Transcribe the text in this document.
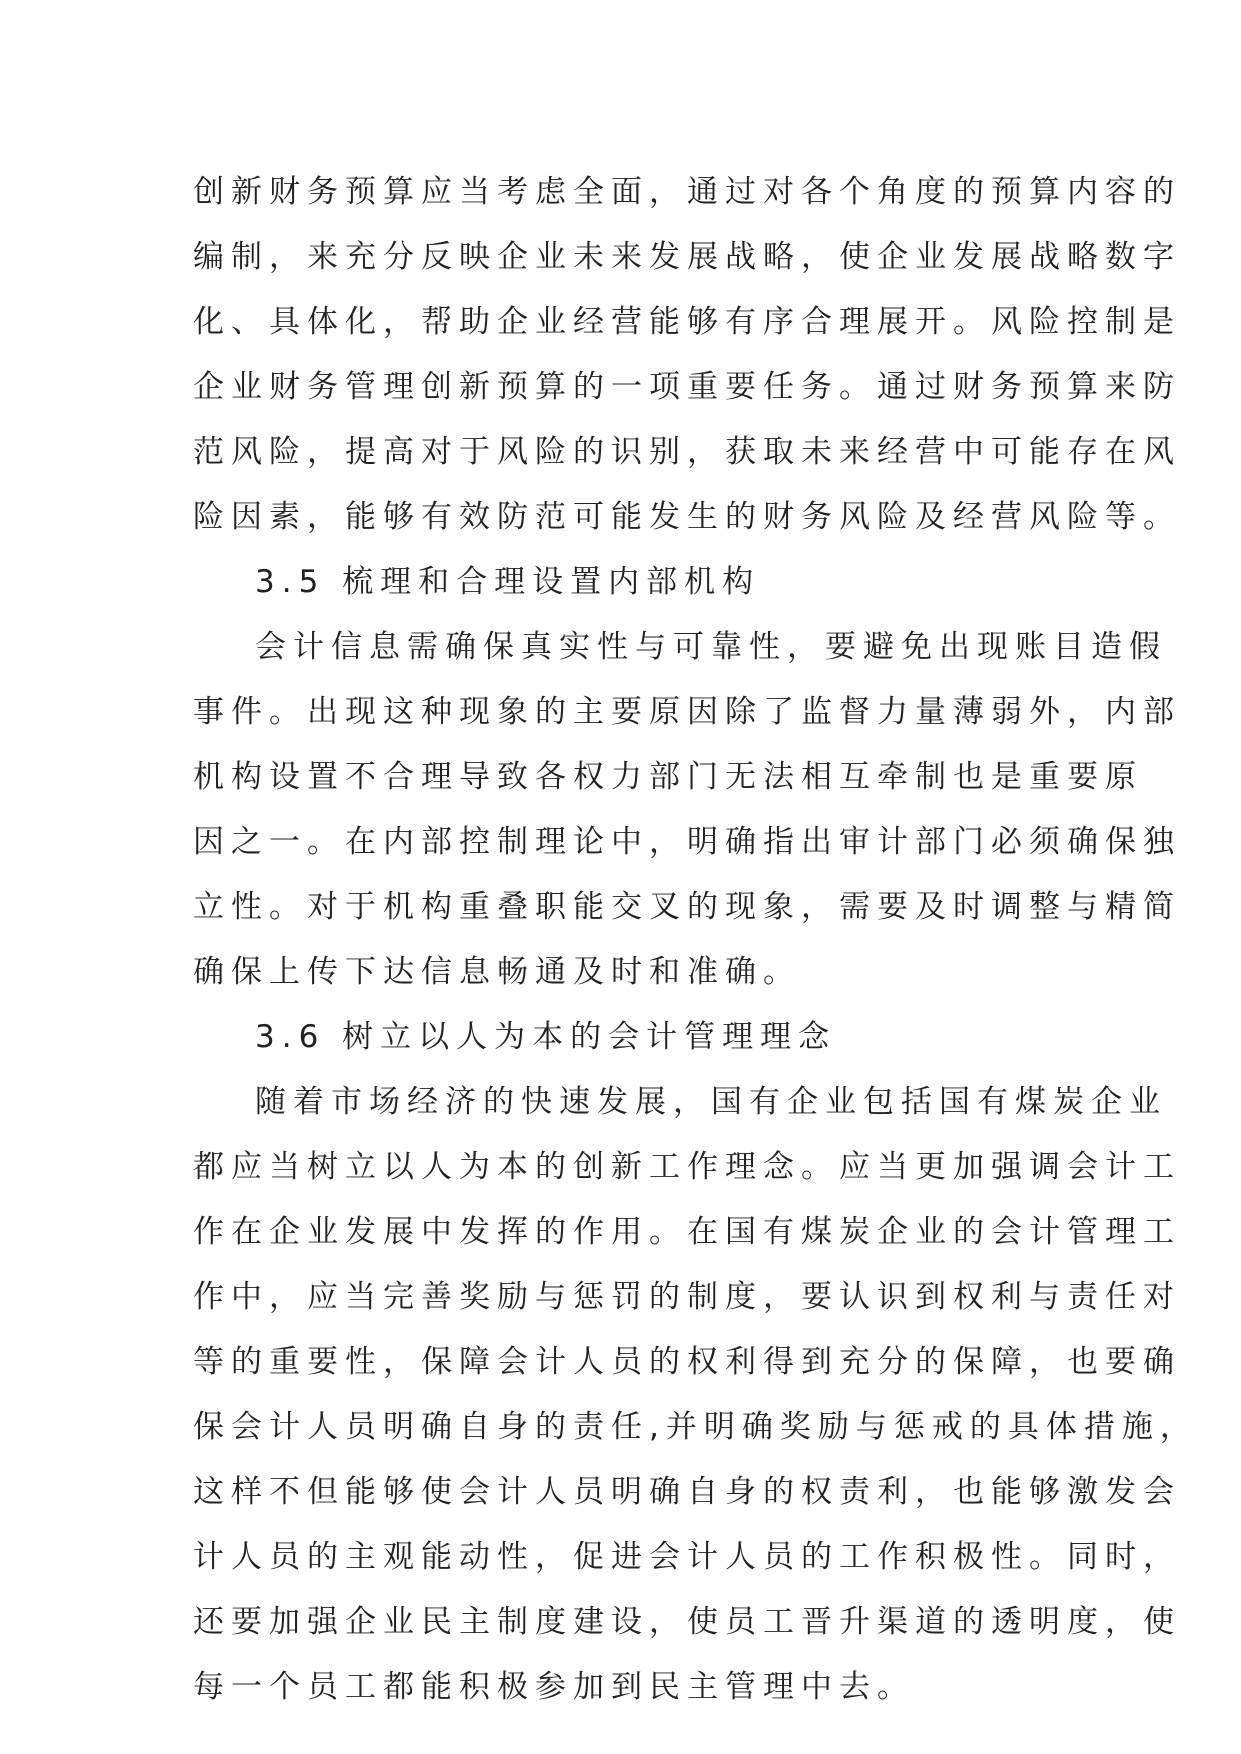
创新财务预算应当考虑全面，通过对各个角度的预算内容的
编制，来充分反映企业未来发展战略，使企业发展战略数字
化、具体化，帮助企业经营能够有序合理展开。风险控制是
企业财务管理创新预算的一项重要任务。通过财务预算来防
范风险，提高对于风险的识别，获取未来经营中可能存在风
险因素，能够有效防范可能发生的财务风险及经营风险等。
3.5 梳理和合理设置内部机构
会计信息需确保真实性与可靠性，要避免出现账目造假
事件。出现这种现象的主要原因除了监督力量薄弱外，内部
机构设置不合理导致各权力部门无法相互牵制也是重要原
因之一。在内部控制理论中，明确指出审计部门必须确保独
立性。对于机构重叠职能交叉的现象，需要及时调整与精简
确保上传下达信息畅通及时和准确。
3.6 树立以人为本的会计管理理念
随着市场经济的快速发展，国有企业包括国有煤炭企业
都应当树立以人为本的创新工作理念。应当更加强调会计工
作在企业发展中发挥的作用。在国有煤炭企业的会计管理工
作中，应当完善奖励与惩罚的制度，要认识到权利与责任对
等的重要性，保障会计人员的权利得到充分的保障，也要确
保会计人员明确自身的责任,并明确奖励与惩戒的具体措施，
这样不但能够使会计人员明确自身的权责利，也能够激发会
计人员的主观能动性，促进会计人员的工作积极性。同时，
还要加强企业民主制度建设，使员工晋升渠道的透明度，使
每一个员工都能积极参加到民主管理中去。
